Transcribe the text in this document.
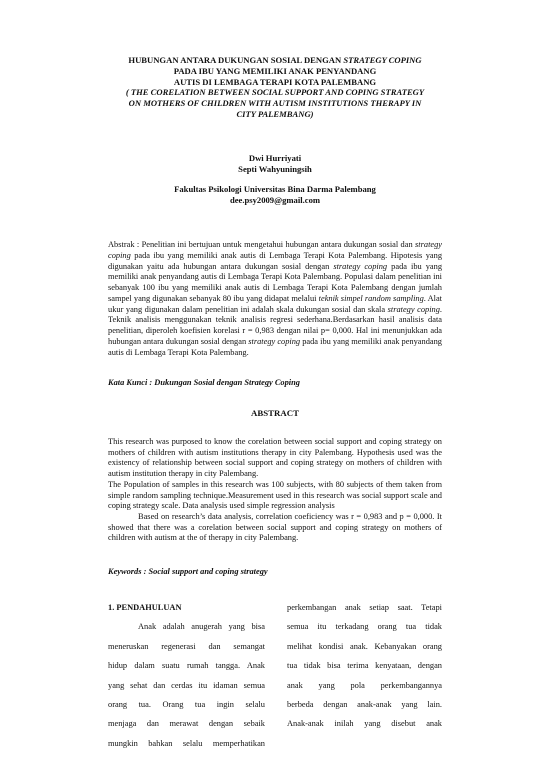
HUBUNGAN ANTARA DUKUNGAN SOSIAL DENGAN STRATEGY COPING
PADA IBU YANG MEMILIKI ANAK PENYANDANG
AUTIS DI LEMBAGA TERAPI KOTA PALEMBANG
( THE CORELATION BETWEEN SOCIAL SUPPORT AND COPING STRATEGY
ON MOTHERS OF CHILDREN WITH AUTISM INSTITUTIONS THERAPY IN
CITY PALEMBANG)
Dwi Hurriyati
Septi Wahyuningsih
Fakultas Psikologi Universitas Bina Darma Palembang
dee.psy2009@gmail.com
Abstrak : Penelitian ini bertujuan untuk mengetahui hubungan antara dukungan sosial dan strategy coping pada ibu yang memiliki anak autis di Lembaga Terapi Kota Palembang. Hipotesis yang digunakan yaitu ada hubungan antara dukungan sosial dengan strategy coping pada ibu yang memiliki anak penyandang autis di Lembaga Terapi Kota Palembang. Populasi dalam penelitian ini sebanyak 100 ibu yang memiliki anak autis di Lembaga Terapi Kota Palembang dengan jumlah sampel yang digunakan sebanyak 80 ibu yang didapat melalui teknik simpel random sampling. Alat ukur yang digunakan dalam penelitian ini adalah skala dukungan sosial dan skala strategy coping. Teknik analisis menggunakan teknik analisis regresi sederhana.Berdasarkan hasil analisis data penelitian, diperoleh koefisien korelasi r = 0,983 dengan nilai p= 0,000. Hal ini menunjukkan ada hubungan antara dukungan sosial dengan strategy coping pada ibu yang memiliki anak penyandang autis di Lembaga Terapi Kota Palembang.
Kata Kunci : Dukungan Sosial dengan Strategy Coping
ABSTRACT

This research was purposed to know the corelation between social support and coping strategy on mothers of children with autism institutions therapy in city Palembang. Hypothesis used was the existency of relationship between social support and coping strategy on mothers of children with autism institution therapy in city Palembang.

The Population of samples in this research was 100 subjects, with 80 subjects of them taken from simple random sampling technique.Measurement used in this research was social support scale and coping strategy scale. Data analysis used simple regression analysis

Based on research’s data analysis, correlation coeficiency was r = 0,983 and p = 0,000. It showed that there was a corelation between social support and coping strategy on mothers of children with autism at the of therapy in city Palembang.

Keywords : Social support and coping strategy
1. PENDAHULUAN
Anak adalah anugerah yang bisa
meneruskan regenerasi dan semangat
hidup dalam suatu rumah tangga. Anak
yang sehat dan cerdas itu idaman semua
orang tua. Orang tua ingin selalu
menjaga dan merawat dengan sebaik
mungkin bahkan selalu memperhatikan
perkembangan anak setiap saat. Tetapi
semua itu terkadang orang tua tidak
melihat kondisi anak. Kebanyakan orang
tua tidak bisa terima kenyataan, dengan
anak yang pola perkembangannya
berbeda dengan anak-anak yang lain.
Anak-anak inilah yang disebut anak
